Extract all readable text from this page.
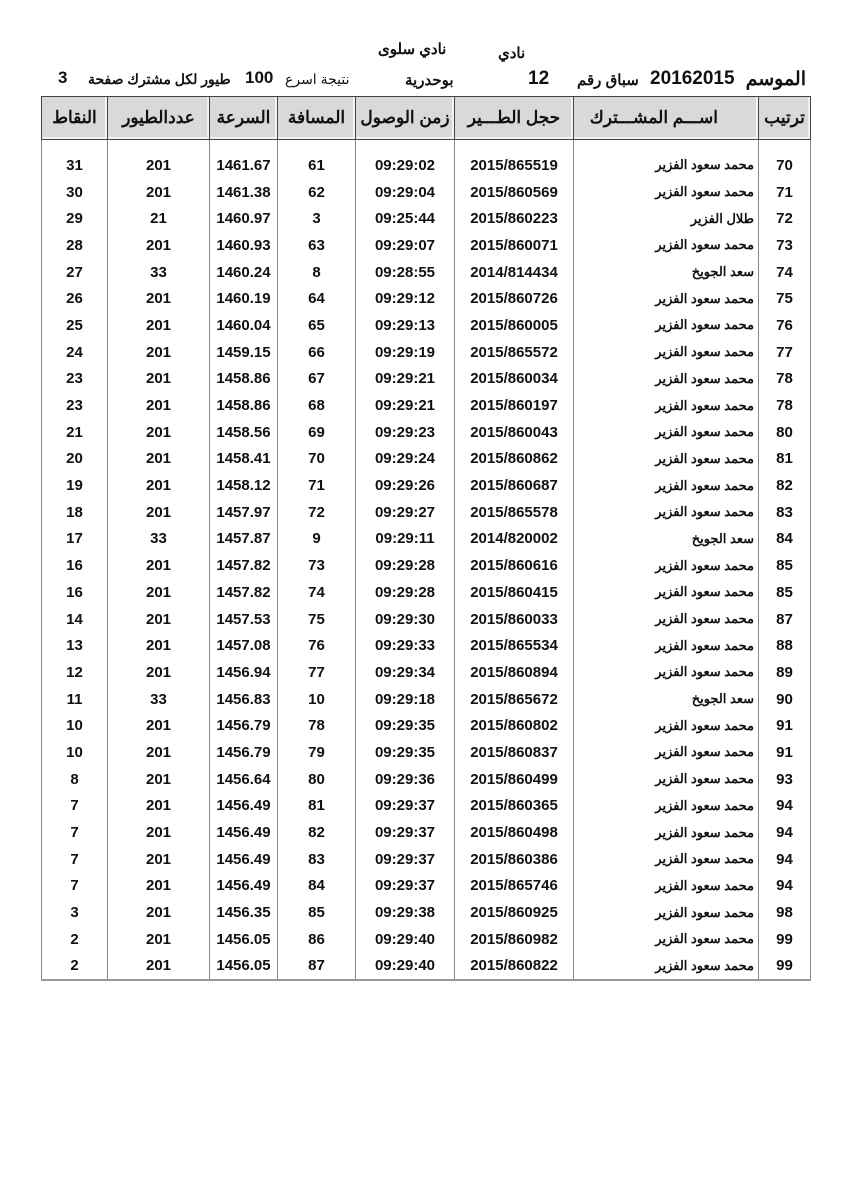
نادي
نادي سلوى
الموسم
20162015
سباق رقم
12
بوحدرية
نتيجة اسرع
100
طيور لكل مشترك صفحة
3
ترتيب	اســـم المشـــترك	حجل الطـــير	زمن الوصول	المسافة	السرعة	عددالطيور	النقاط

70	محمد سعود الفزير	2015/865519	09:29:02	61	1461.67	201	31
71	محمد سعود الفزير	2015/860569	09:29:04	62	1461.38	201	30
72	طلال الفزير	2015/860223	09:25:44	3	1460.97	21	29
73	محمد سعود الفزير	2015/860071	09:29:07	63	1460.93	201	28
74	سعد الجويخ	2014/814434	09:28:55	8	1460.24	33	27
75	محمد سعود الفزير	2015/860726	09:29:12	64	1460.19	201	26
76	محمد سعود الفزير	2015/860005	09:29:13	65	1460.04	201	25
77	محمد سعود الفزير	2015/865572	09:29:19	66	1459.15	201	24
78	محمد سعود الفزير	2015/860034	09:29:21	67	1458.86	201	23
78	محمد سعود الفزير	2015/860197	09:29:21	68	1458.86	201	23
80	محمد سعود الفزير	2015/860043	09:29:23	69	1458.56	201	21
81	محمد سعود الفزير	2015/860862	09:29:24	70	1458.41	201	20
82	محمد سعود الفزير	2015/860687	09:29:26	71	1458.12	201	19
83	محمد سعود الفزير	2015/865578	09:29:27	72	1457.97	201	18
84	سعد الجويخ	2014/820002	09:29:11	9	1457.87	33	17
85	محمد سعود الفزير	2015/860616	09:29:28	73	1457.82	201	16
85	محمد سعود الفزير	2015/860415	09:29:28	74	1457.82	201	16
87	محمد سعود الفزير	2015/860033	09:29:30	75	1457.53	201	14
88	محمد سعود الفزير	2015/865534	09:29:33	76	1457.08	201	13
89	محمد سعود الفزير	2015/860894	09:29:34	77	1456.94	201	12
90	سعد الجويخ	2015/865672	09:29:18	10	1456.83	33	11
91	محمد سعود الفزير	2015/860802	09:29:35	78	1456.79	201	10
91	محمد سعود الفزير	2015/860837	09:29:35	79	1456.79	201	10
93	محمد سعود الفزير	2015/860499	09:29:36	80	1456.64	201	8
94	محمد سعود الفزير	2015/860365	09:29:37	81	1456.49	201	7
94	محمد سعود الفزير	2015/860498	09:29:37	82	1456.49	201	7
94	محمد سعود الفزير	2015/860386	09:29:37	83	1456.49	201	7
94	محمد سعود الفزير	2015/865746	09:29:37	84	1456.49	201	7
98	محمد سعود الفزير	2015/860925	09:29:38	85	1456.35	201	3
99	محمد سعود الفزير	2015/860982	09:29:40	86	1456.05	201	2
99	محمد سعود الفزير	2015/860822	09:29:40	87	1456.05	201	2
